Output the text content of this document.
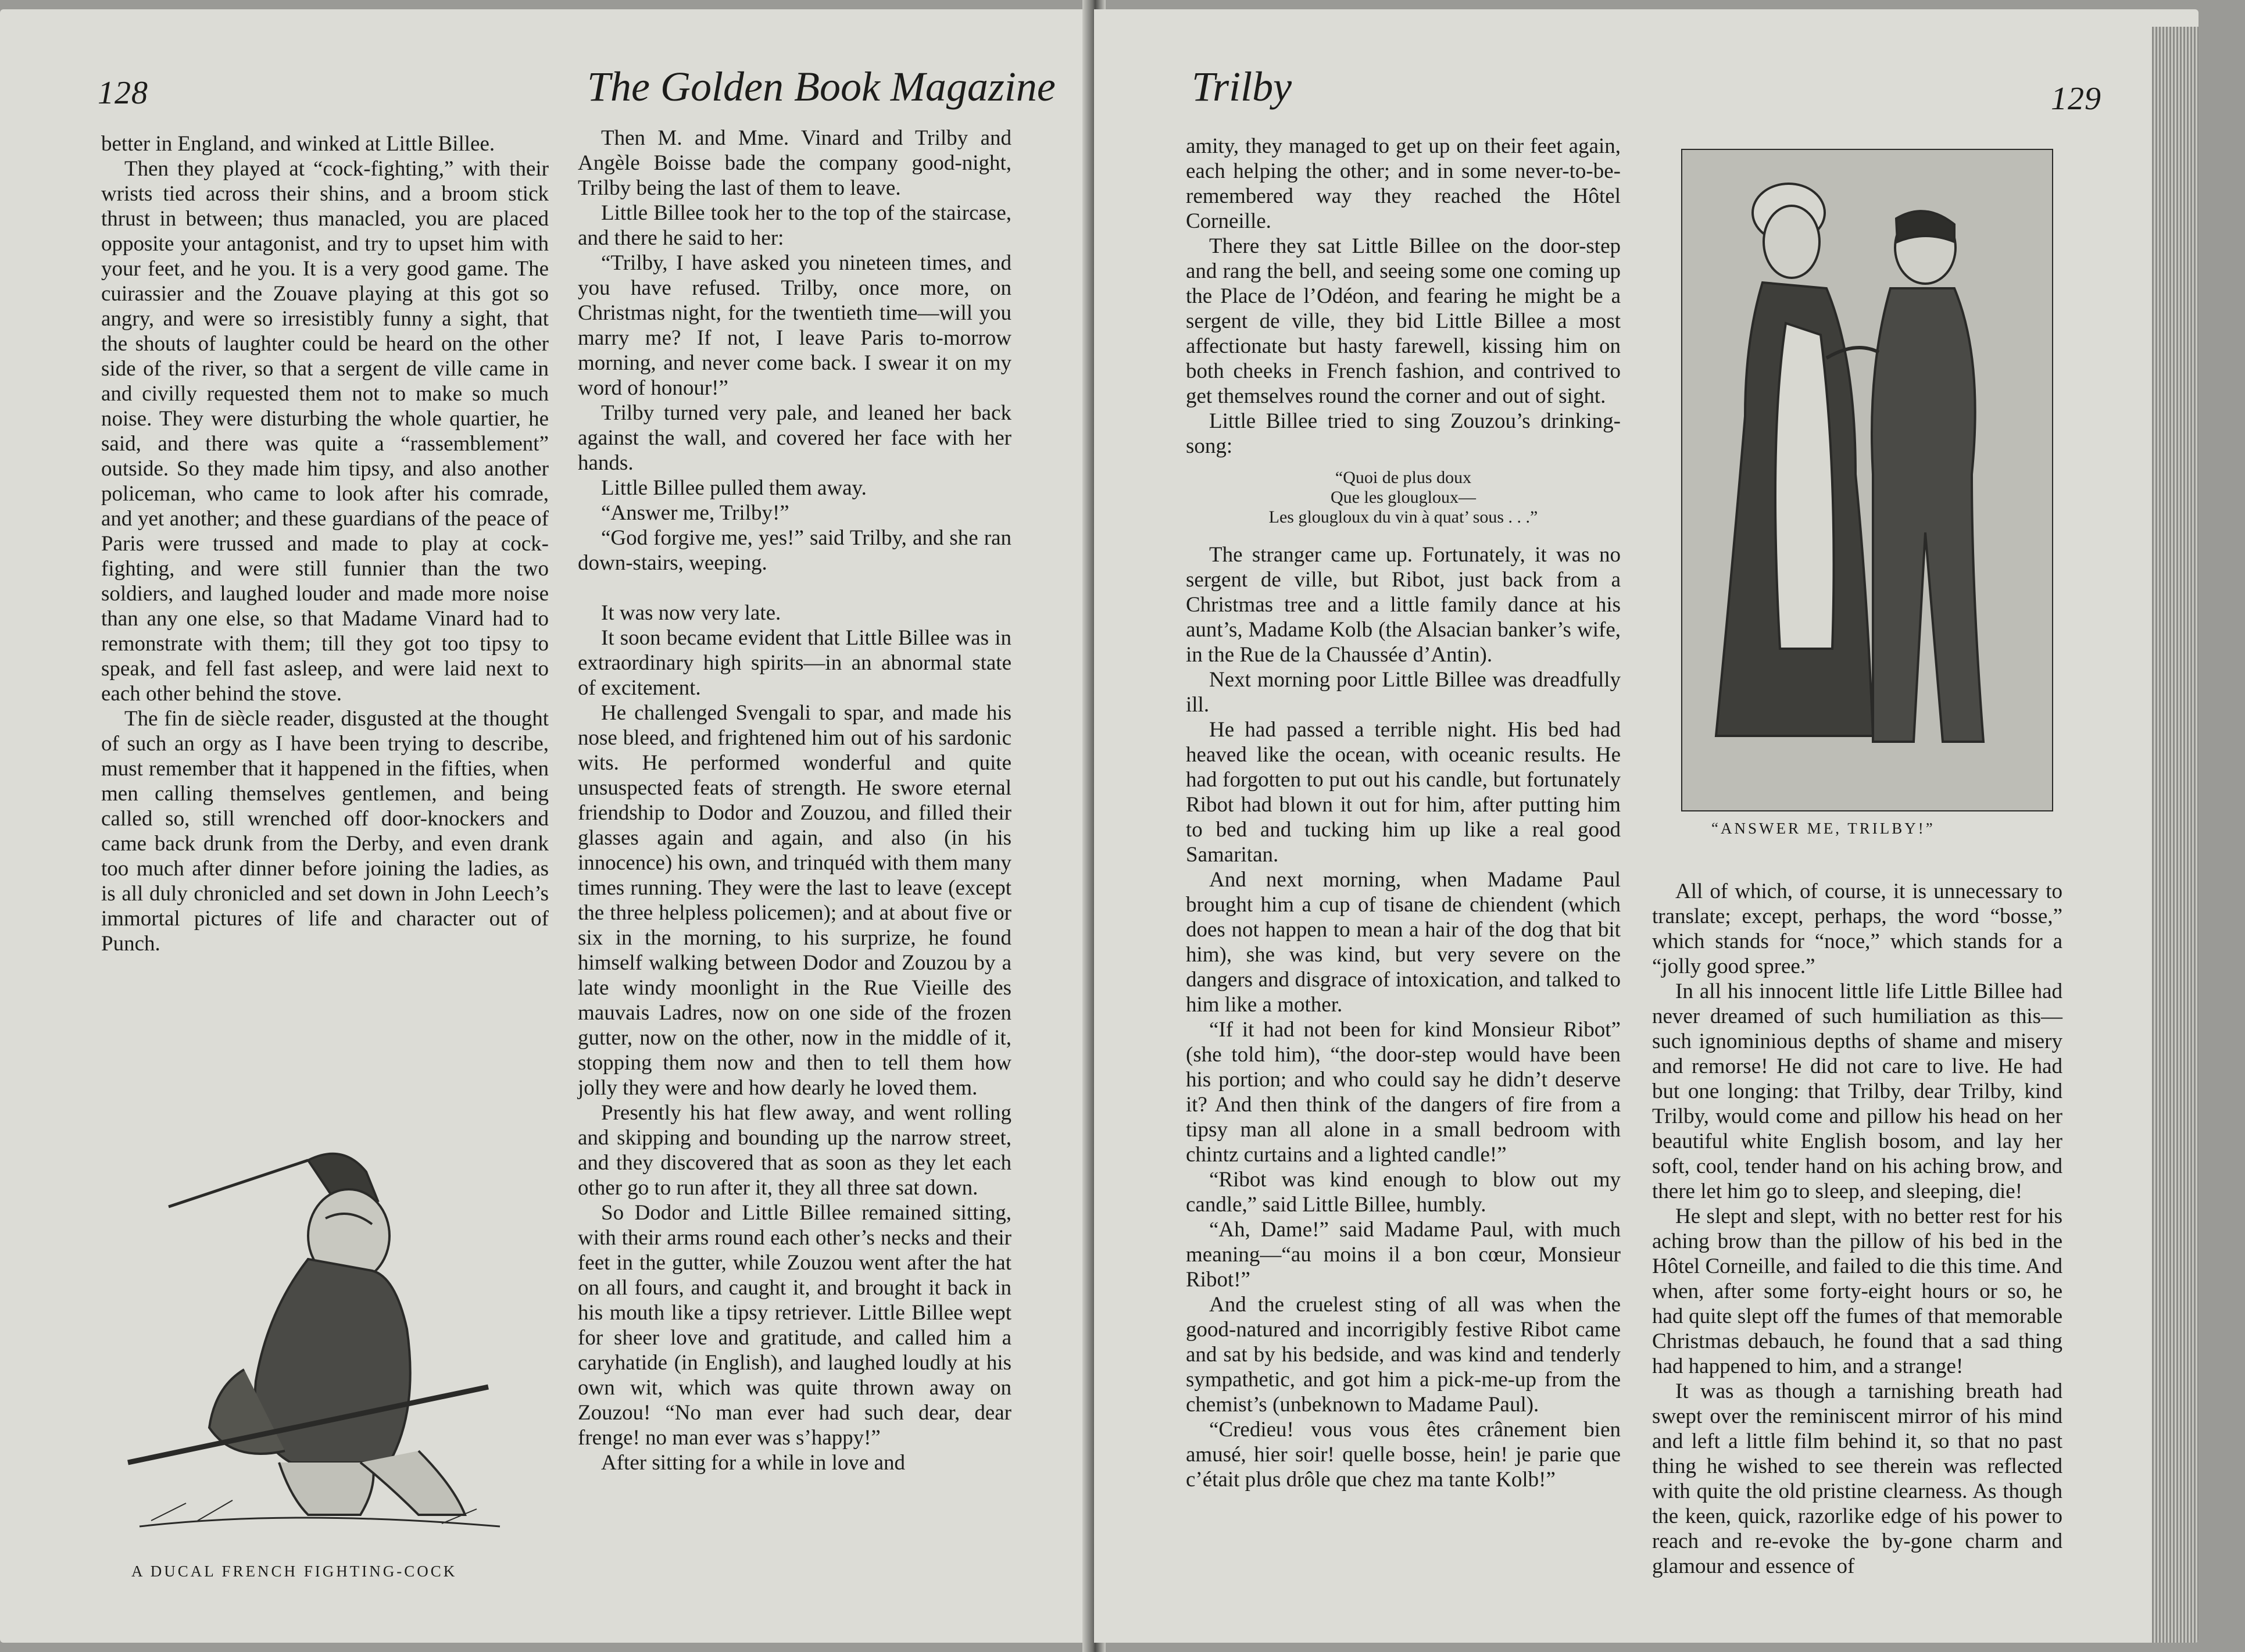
128	The Golden Book Magazine

better in England, and winked at Little Billee.

Then they played at “cock-fighting,” with their wrists tied across their shins, and a broom stick thrust in between; thus manacled, you are placed opposite your antagonist, and try to upset him with your feet, and he you. It is a very good game. The cuirassier and the Zouave playing at this got so angry, and were so irresistibly funny a sight, that the shouts of laughter could be heard on the other side of the river, so that a sergent de ville came in and civilly requested them not to make so much noise. They were disturbing the whole quartier, he said, and there was quite a “rassemblement” outside. So they made him tipsy, and also another policeman, who came to look after his comrade, and yet another; and these guardians of the peace of Paris were trussed and made to play at cock-fighting, and were still funnier than the two soldiers, and laughed louder and made more noise than any one else, so that Madame Vinard had to remonstrate with them; till they got too tipsy to speak, and fell fast asleep, and were laid next to each other behind the stove.

The fin de siècle reader, disgusted at the thought of such an orgy as I have been trying to describe, must remember that it happened in the fifties, when men calling themselves gentlemen, and being called so, still wrenched off door-knockers and came back drunk from the Derby, and even drank too much after dinner before joining the ladies, as is all duly chronicled and set down in John Leech’s immortal pictures of life and character out of Punch.

A DUCAL FRENCH FIGHTING-COCK

Then M. and Mme. Vinard and Trilby and Angèle Boisse bade the company good-night, Trilby being the last of them to leave.

Little Billee took her to the top of the staircase, and there he said to her:

“Trilby, I have asked you nineteen times, and you have refused. Trilby, once more, on Christmas night, for the twentieth time—will you marry me? If not, I leave Paris to-morrow morning, and never come back. I swear it on my word of honour!”

Trilby turned very pale, and leaned her back against the wall, and covered her face with her hands.

Little Billee pulled them away.

“Answer me, Trilby!”

“God forgive me, yes!” said Trilby, and she ran down-stairs, weeping.

It was now very late.

It soon became evident that Little Billee was in extraordinary high spirits—in an abnormal state of excitement.

He challenged Svengali to spar, and made his nose bleed, and frightened him out of his sardonic wits. He performed wonderful and quite unsuspected feats of strength. He swore eternal friendship to Dodor and Zouzou, and filled their glasses again and again, and also (in his innocence) his own, and trinquéd with them many times running. They were the last to leave (except the three helpless policemen); and at about five or six in the morning, to his surprize, he found himself walking between Dodor and Zouzou by a late windy moonlight in the Rue Vieille des mauvais Ladres, now on one side of the frozen gutter, now on the other, now in the middle of it, stopping them now and then to tell them how jolly they were and how dearly he loved them.

Presently his hat flew away, and went rolling and skipping and bounding up the narrow street, and they discovered that as soon as they let each other go to run after it, they all three sat down.

So Dodor and Little Billee remained sitting, with their arms round each other’s necks and their feet in the gutter, while Zouzou went after the hat on all fours, and caught it, and brought it back in his mouth like a tipsy retriever. Little Billee wept for sheer love and gratitude, and called him a caryhatide (in English), and laughed loudly at his own wit, which was quite thrown away on Zouzou! “No man ever had such dear, dear frenge! no man ever was s’happy!”

After sitting for a while in love and

Trilby	129

amity, they managed to get up on their feet again, each helping the other; and in some never-to-be-remembered way they reached the Hôtel Corneille.

There they sat Little Billee on the door-step and rang the bell, and seeing some one coming up the Place de l’Odéon, and fearing he might be a sergent de ville, they bid Little Billee a most affectionate but hasty farewell, kissing him on both cheeks in French fashion, and contrived to get themselves round the corner and out of sight.

Little Billee tried to sing Zouzou’s drinking-song:

“Quoi de plus doux
Que les glougloux—
Les glougloux du vin à quat’ sous . . .”

The stranger came up. Fortunately, it was no sergent de ville, but Ribot, just back from a Christmas tree and a little family dance at his aunt’s, Madame Kolb (the Alsacian banker’s wife, in the Rue de la Chaussée d’Antin).

Next morning poor Little Billee was dreadfully ill.

He had passed a terrible night. His bed had heaved like the ocean, with oceanic results. He had forgotten to put out his candle, but fortunately Ribot had blown it out for him, after putting him to bed and tucking him up like a real good Samaritan.

And next morning, when Madame Paul brought him a cup of tisane de chiendent (which does not happen to mean a hair of the dog that bit him), she was kind, but very severe on the dangers and disgrace of intoxication, and talked to him like a mother.

“If it had not been for kind Monsieur Ribot” (she told him), “the door-step would have been his portion; and who could say he didn’t deserve it? And then think of the dangers of fire from a tipsy man all alone in a small bedroom with chintz curtains and a lighted candle!”

“Ribot was kind enough to blow out my candle,” said Little Billee, humbly.

“Ah, Dame!” said Madame Paul, with much meaning—“au moins il a bon cœur, Monsieur Ribot!”

And the cruelest sting of all was when the good-natured and incorrigibly festive Ribot came and sat by his bedside, and was kind and tenderly sympathetic, and got him a pick-me-up from the chemist’s (unbeknown to Madame Paul).

“Credieu! vous vous êtes crânement bien amusé, hier soir! quelle bosse, hein! je parie que c’était plus drôle que chez ma tante Kolb!”

“ANSWER ME, TRILBY!”

All of which, of course, it is unnecessary to translate; except, perhaps, the word “bosse,” which stands for “noce,” which stands for a “jolly good spree.”

In all his innocent little life Little Billee had never dreamed of such humiliation as this—such ignominious depths of shame and misery and remorse! He did not care to live. He had but one longing: that Trilby, dear Trilby, kind Trilby, would come and pillow his head on her beautiful white English bosom, and lay her soft, cool, tender hand on his aching brow, and there let him go to sleep, and sleeping, die!

He slept and slept, with no better rest for his aching brow than the pillow of his bed in the Hôtel Corneille, and failed to die this time. And when, after some forty-eight hours or so, he had quite slept off the fumes of that memorable Christmas debauch, he found that a sad thing had happened to him, and a strange!

It was as though a tarnishing breath had swept over the reminiscent mirror of his mind and left a little film behind it, so that no past thing he wished to see therein was reflected with quite the old pristine clearness. As though the keen, quick, razorlike edge of his power to reach and re-evoke the by-gone charm and glamour and essence of
